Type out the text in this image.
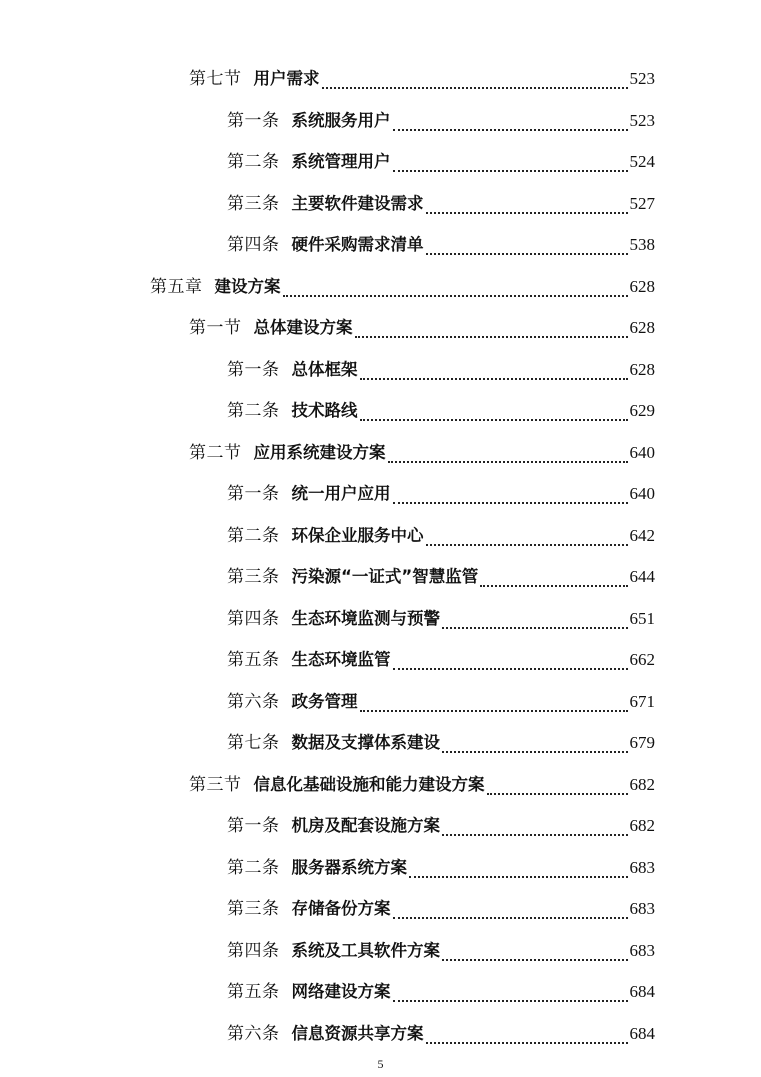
第七节 用户需求	523
第一条 系统服务用户	523
第二条 系统管理用户	524
第三条 主要软件建设需求	527
第四条 硬件采购需求清单	538
第五章 建设方案	628
第一节 总体建设方案	628
第一条 总体框架	628
第二条 技术路线	629
第二节 应用系统建设方案	640
第一条 统一用户应用	640
第二条 环保企业服务中心	642
第三条 污染源“一证式”智慧监管	644
第四条 生态环境监测与预警	651
第五条 生态环境监管	662
第六条 政务管理	671
第七条 数据及支撑体系建设	679
第三节 信息化基础设施和能力建设方案	682
第一条 机房及配套设施方案	682
第二条 服务器系统方案	683
第三条 存储备份方案	683
第四条 系统及工具软件方案	683
第五条 网络建设方案	684
第六条 信息资源共享方案	684
5
